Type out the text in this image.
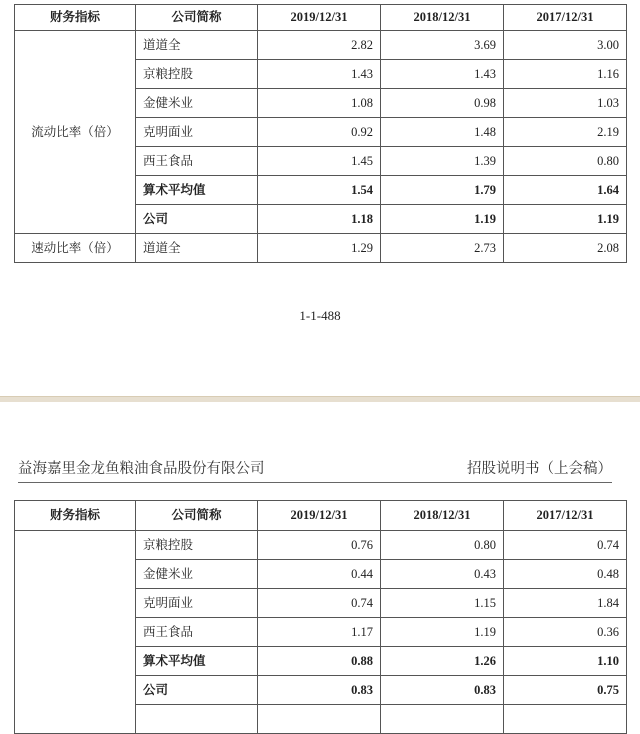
财务指标	公司简称	2019/12/31	2018/12/31	2017/12/31
流动比率（倍）	道道全	2.82	3.69	3.00
	京粮控股	1.43	1.43	1.16
	金健米业	1.08	0.98	1.03
	克明面业	0.92	1.48	2.19
	西王食品	1.45	1.39	0.80
	算术平均值	1.54	1.79	1.64
	公司	1.18	1.19	1.19
速动比率（倍）	道道全	1.29	2.73	2.08
1-1-488
益海嘉里金龙鱼粮油食品股份有限公司	招股说明书（上会稿）
财务指标	公司简称	2019/12/31	2018/12/31	2017/12/31
	京粮控股	0.76	0.80	0.74
	金健米业	0.44	0.43	0.48
	克明面业	0.74	1.15	1.84
	西王食品	1.17	1.19	0.36
	算术平均值	0.88	1.26	1.10
	公司	0.83	0.83	0.75
